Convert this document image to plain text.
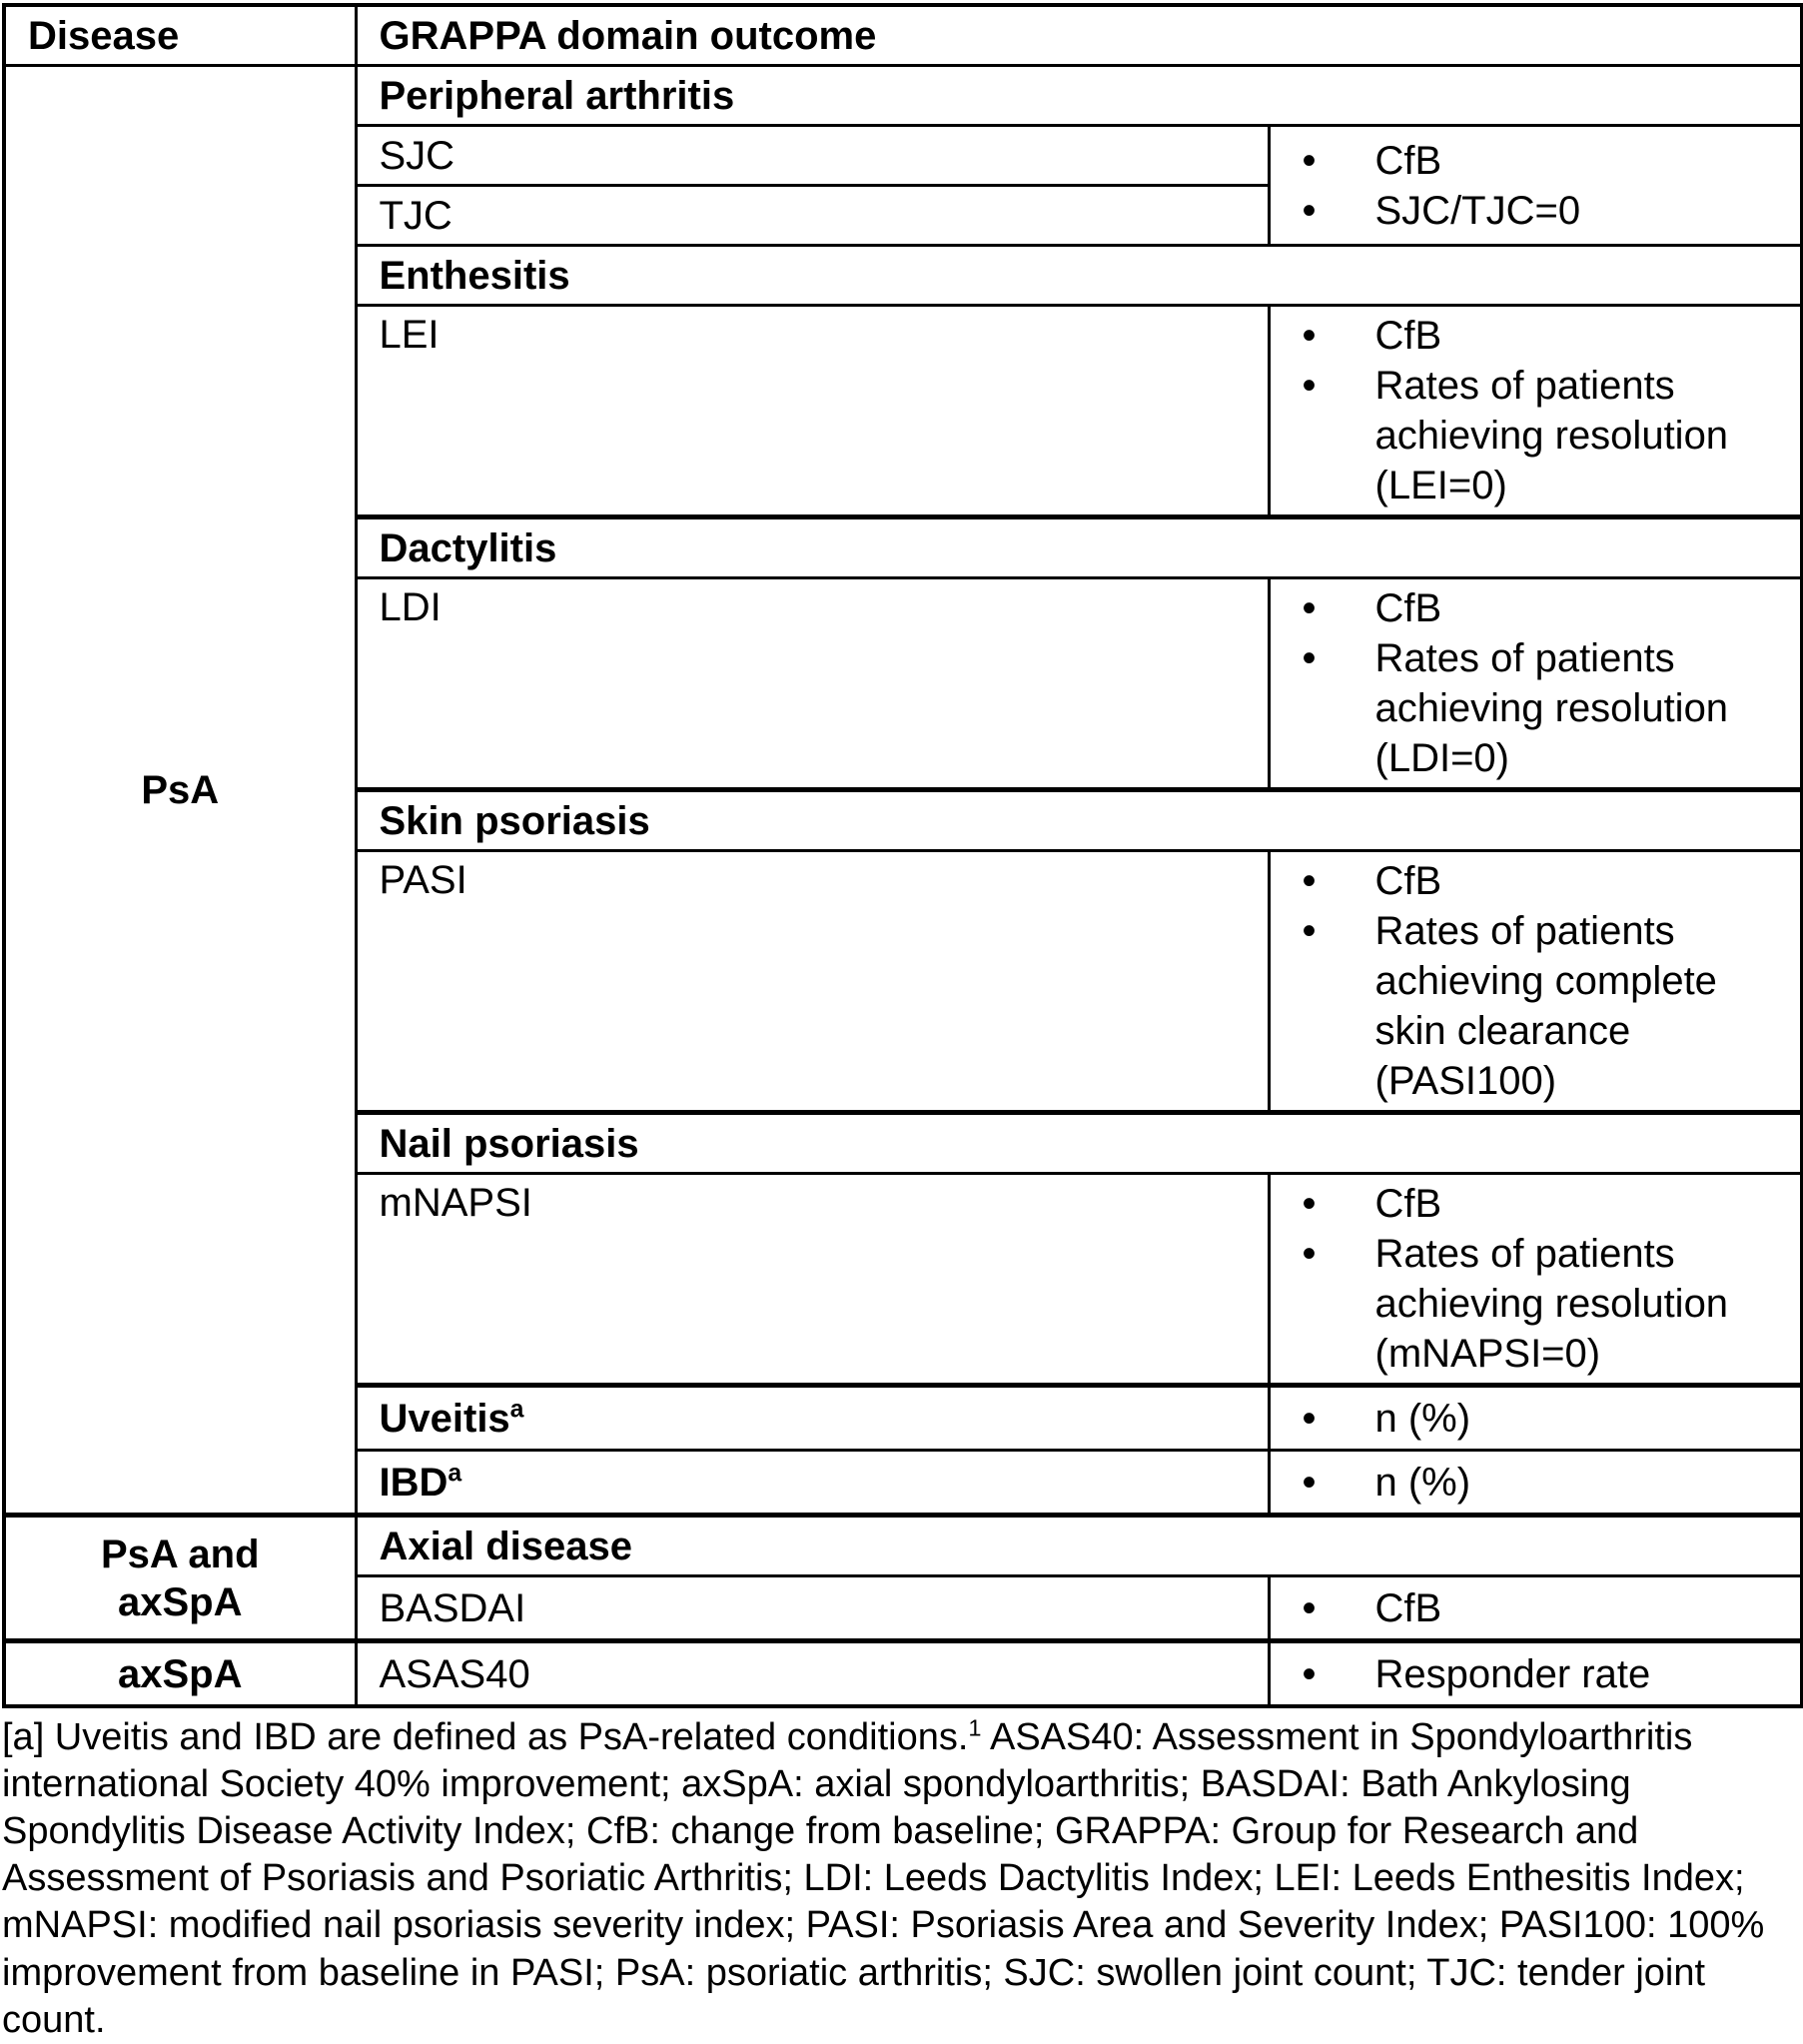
Disease	GRAPPA domain outcome	
PsA	Peripheral arthritis	
	SJC	• CfB
• SJC/TJC=0

	TJC	
	Enthesitis	
LEI	•	CfB
•	Rates of patients
achieving resolution
(LEI=0)

	Dactylitis	
LDI	•	CfB
•	Rates of patients
achieving resolution
(LDI=0)

	Skin psoriasis	
PASI	•	CfB
•	Rates of patients
achieving complete
skin clearance
(PASI100)

	Nail psoriasis	
mNAPSI	•	CfB
•	Rates of patients
achieving resolution
(mNAPSI=0)

	Uveitis$^a$	• n (%)

	IBD$^a$	• n (%)

PsA and
axSpA	Axial disease	
	BASDAI	• CfB

axSpA	ASAS40	• Responder rate
[a] Uveitis and IBD are defined as PsA-related conditions.$^1$ ASAS40: Assessment in Spondyloarthritis international Society 40% improvement; axSpA: axial spondyloarthritis; BASDAI: Bath Ankylosing Spondylitis Disease Activity Index; CfB: change from baseline; GRAPPA: Group for Research and Assessment of Psoriasis and Psoriatic Arthritis; LDI: Leeds Dactylitis Index; LEI: Leeds Enthesitis Index; mNAPSI: modified nail psoriasis severity index; PASI: Psoriasis Area and Severity Index; PASI100: 100% improvement from baseline in PASI; PsA: psoriatic arthritis; SJC: swollen joint count; TJC: tender joint count.
